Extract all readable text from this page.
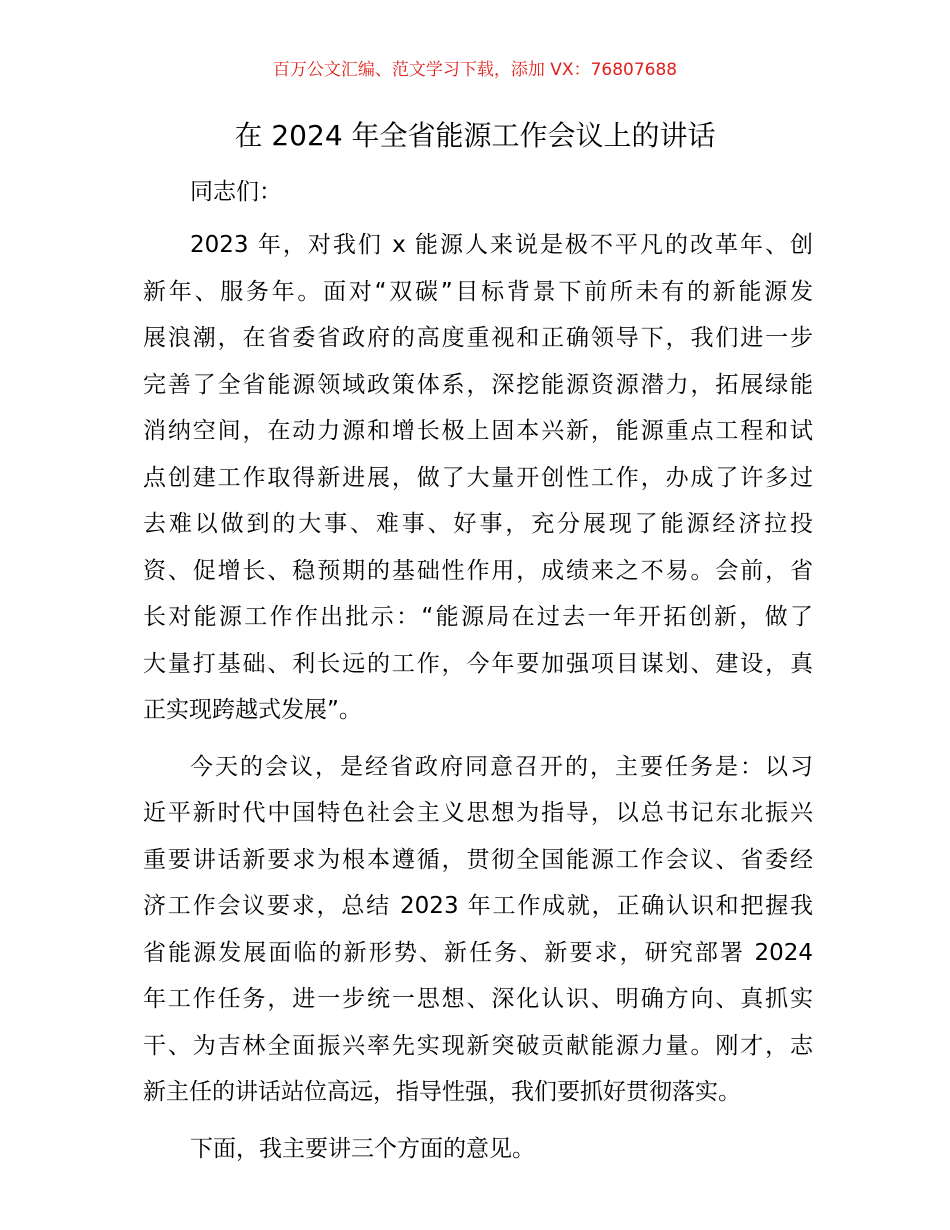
百万公文汇编、范文学习下载，添加 VX：76807688
在 2024 年全省能源工作会议上的讲话
同志们：
2023 年，对我们 x 能源人来说是极不平凡的改革年、创
新年、服务年。面对“双碳”目标背景下前所未有的新能源发
展浪潮，在省委省政府的高度重视和正确领导下，我们进一步
完善了全省能源领域政策体系，深挖能源资源潜力，拓展绿能
消纳空间，在动力源和增长极上固本兴新，能源重点工程和试
点创建工作取得新进展，做了大量开创性工作，办成了许多过
去难以做到的大事、难事、好事，充分展现了能源经济拉投
资、促增长、稳预期的基础性作用，成绩来之不易。会前，省
长对能源工作作出批示：“能源局在过去一年开拓创新，做了
大量打基础、利长远的工作，今年要加强项目谋划、建设，真
正实现跨越式发展”。
今天的会议，是经省政府同意召开的，主要任务是：以习
近平新时代中国特色社会主义思想为指导，以总书记东北振兴
重要讲话新要求为根本遵循，贯彻全国能源工作会议、省委经
济工作会议要求，总结 2023 年工作成就，正确认识和把握我
省能源发展面临的新形势、新任务、新要求，研究部署 2024
年工作任务，进一步统一思想、深化认识、明确方向、真抓实
干、为吉林全面振兴率先实现新突破贡献能源力量。刚才，志
新主任的讲话站位高远，指导性强，我们要抓好贯彻落实。
下面，我主要讲三个方面的意见。
